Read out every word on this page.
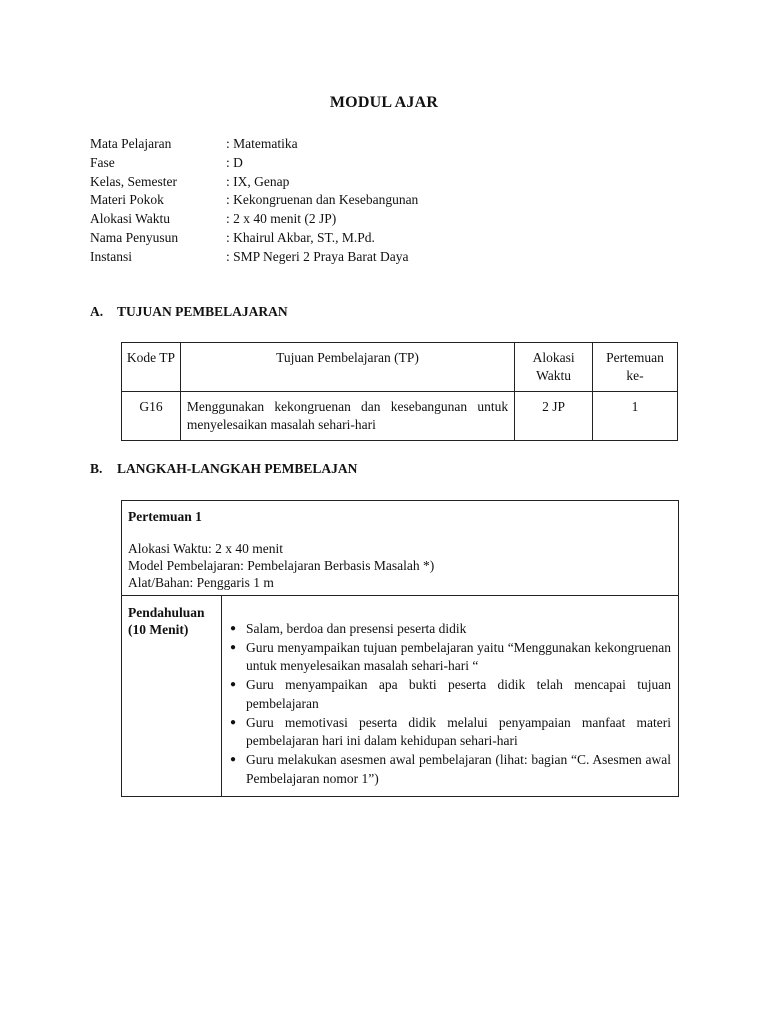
MODUL AJAR
Mata Pelajaran	: Matematika
Fase	: D
Kelas, Semester	: IX, Genap
Materi Pokok	: Kekongruenan dan Kesebangunan
Alokasi Waktu	: 2 x 40 menit (2 JP)
Nama Penyusun	: Khairul Akbar, ST., M.Pd.
Instansi	: SMP Negeri 2 Praya Barat Daya
A. TUJUAN PEMBELAJARAN
Kode TP	Tujuan Pembelajaran (TP)	Alokasi Waktu	Pertemuan ke-
G16	Menggunakan kekongruenan dan kesebangunan untuk menyelesaikan masalah sehari-hari	2 JP	1
B. LANGKAH-LANGKAH PEMBELAJAN
Pertemuan 1
Alokasi Waktu: 2 x 40 menit
Model Pembelajaran: Pembelajaran Berbasis Masalah *)
Alat/Bahan: Penggaris 1 m
Pendahuluan
(10 Menit)	● Salam, berdoa dan presensi peserta didik
● Guru menyampaikan tujuan pembelajaran yaitu “Menggunakan kekongruenan untuk menyelesaikan masalah sehari-hari “
● Guru menyampaikan apa bukti peserta didik telah mencapai tujuan pembelajaran
● Guru memotivasi peserta didik melalui penyampaian manfaat materi pembelajaran hari ini dalam kehidupan sehari-hari
● Guru melakukan asesmen awal pembelajaran (lihat: bagian “C. Asesmen awal Pembelajaran nomor 1”)
